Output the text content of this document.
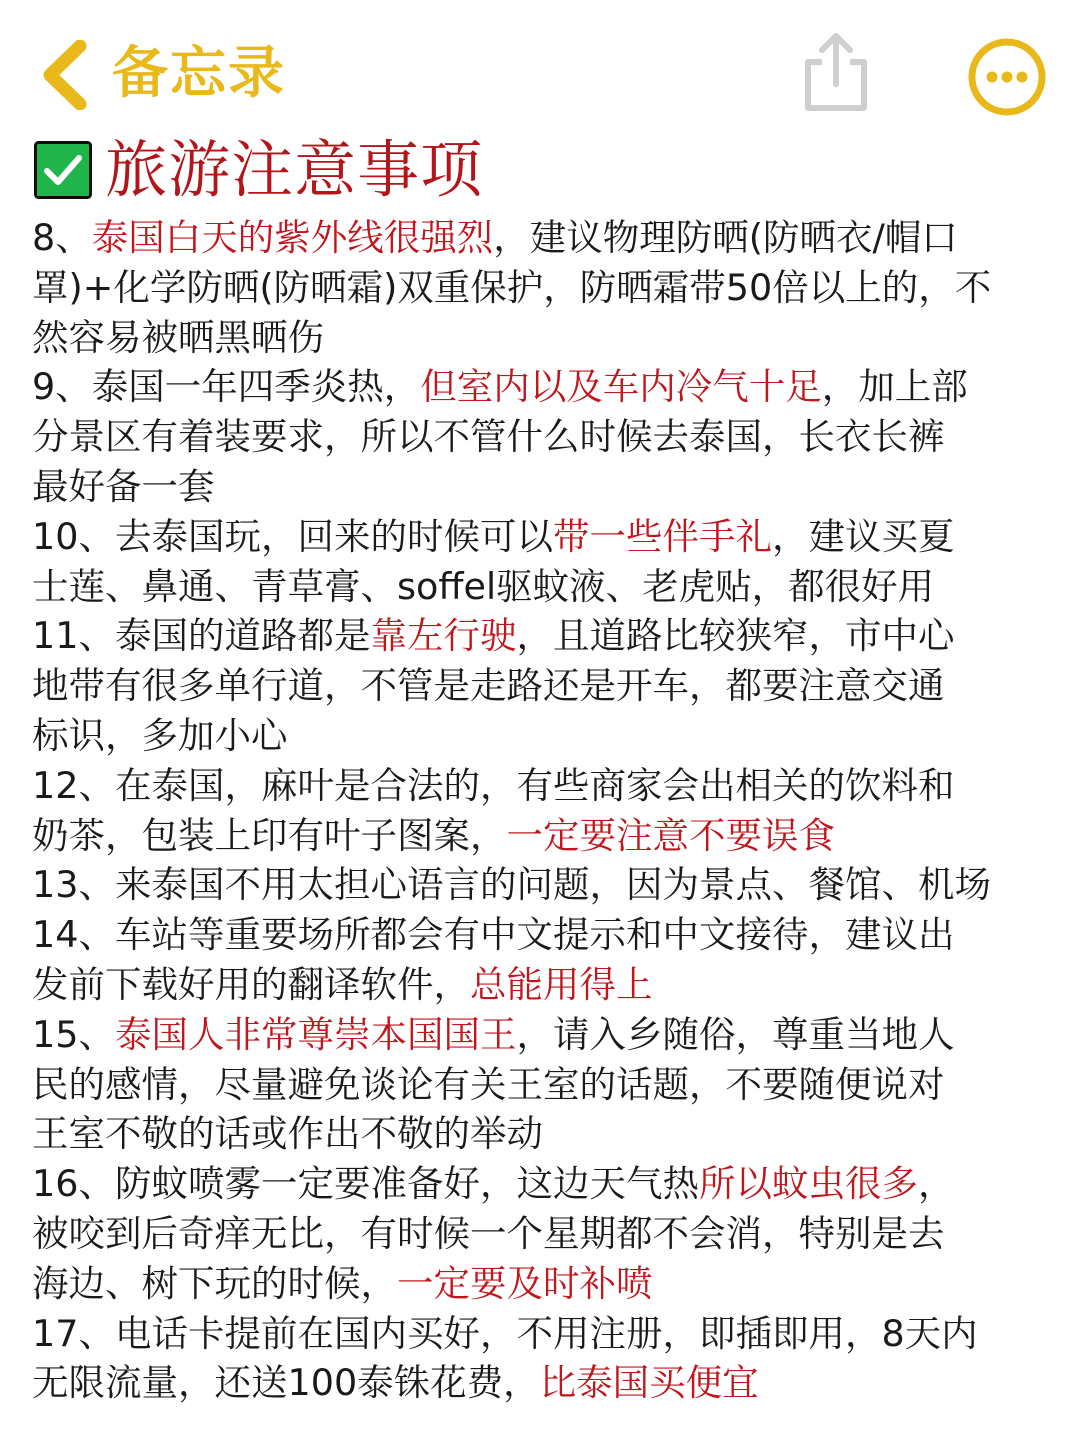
备忘录
旅游注意事项
8、泰国白天的紫外线很强烈，建议物理防晒(防晒衣/帽口
罩)+化学防晒(防晒霜)双重保护，防晒霜带50倍以上的，不
然容易被晒黑晒伤
9、泰国一年四季炎热，但室内以及车内冷气十足，加上部
分景区有着装要求，所以不管什么时候去泰国，长衣长裤
最好备一套
10、去泰国玩，回来的时候可以带一些伴手礼，建议买夏
士莲、鼻通、青草膏、soffel驱蚊液、老虎贴，都很好用
11、泰国的道路都是靠左行驶，且道路比较狭窄，市中心
地带有很多单行道，不管是走路还是开车，都要注意交通
标识，多加小心
12、在泰国，麻叶是合法的，有些商家会出相关的饮料和
奶茶，包装上印有叶子图案，一定要注意不要误食
13、来泰国不用太担心语言的问题，因为景点、餐馆、机场
14、车站等重要场所都会有中文提示和中文接待，建议出
发前下载好用的翻译软件，总能用得上
15、泰国人非常尊崇本国国王，请入乡随俗，尊重当地人
民的感情，尽量避免谈论有关王室的话题，不要随便说对
王室不敬的话或作出不敬的举动
16、防蚊喷雾一定要准备好，这边天气热所以蚊虫很多，
被咬到后奇痒无比，有时候一个星期都不会消，特别是去
海边、树下玩的时候，一定要及时补喷
17、电话卡提前在国内买好，不用注册，即插即用，8天内
无限流量，还送100泰铢花费，比泰国买便宜
